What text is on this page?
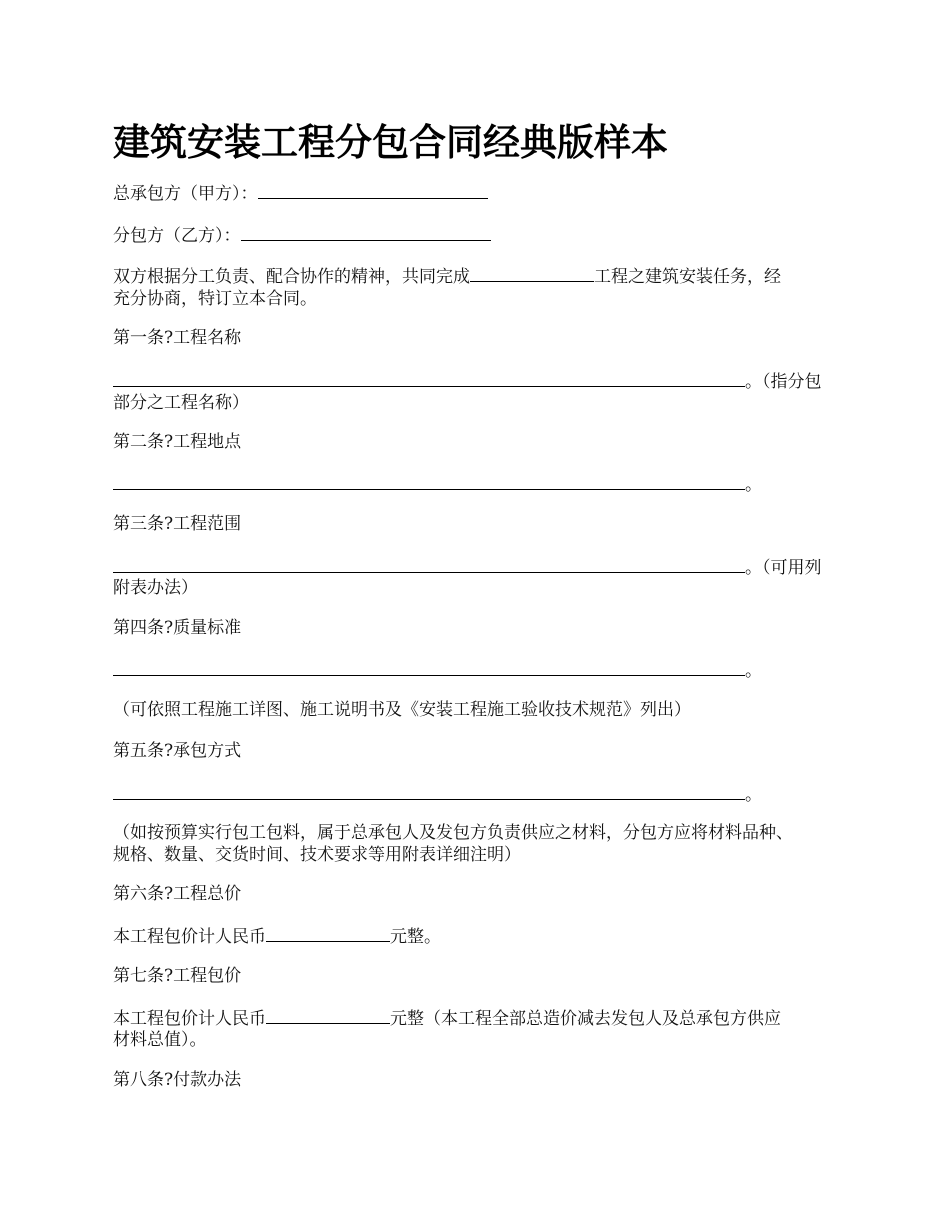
建筑安装工程分包合同经典版样本
总承包方（甲方）：
分包方（乙方）：
双方根据分工负责、配合协作的精神，共同完成	工程之建筑安装任务，经
充分协商，特订立本合同。
第一条?工程名称
。（指分包
部分之工程名称）
第二条?工程地点
。
第三条?工程范围
。（可用列
附表办法）
第四条?质量标准
。
（可依照工程施工详图、施工说明书及《安装工程施工验收技术规范》列出）
第五条?承包方式
。
（如按预算实行包工包料，属于总承包人及发包方负责供应之材料，分包方应将材料品种、
规格、数量、交货时间、技术要求等用附表详细注明）
第六条?工程总价
本工程包价计人民币	元整。
第七条?工程包价
本工程包价计人民币	元整（本工程全部总造价减去发包人及总承包方供应
材料总值）。
第八条?付款办法
